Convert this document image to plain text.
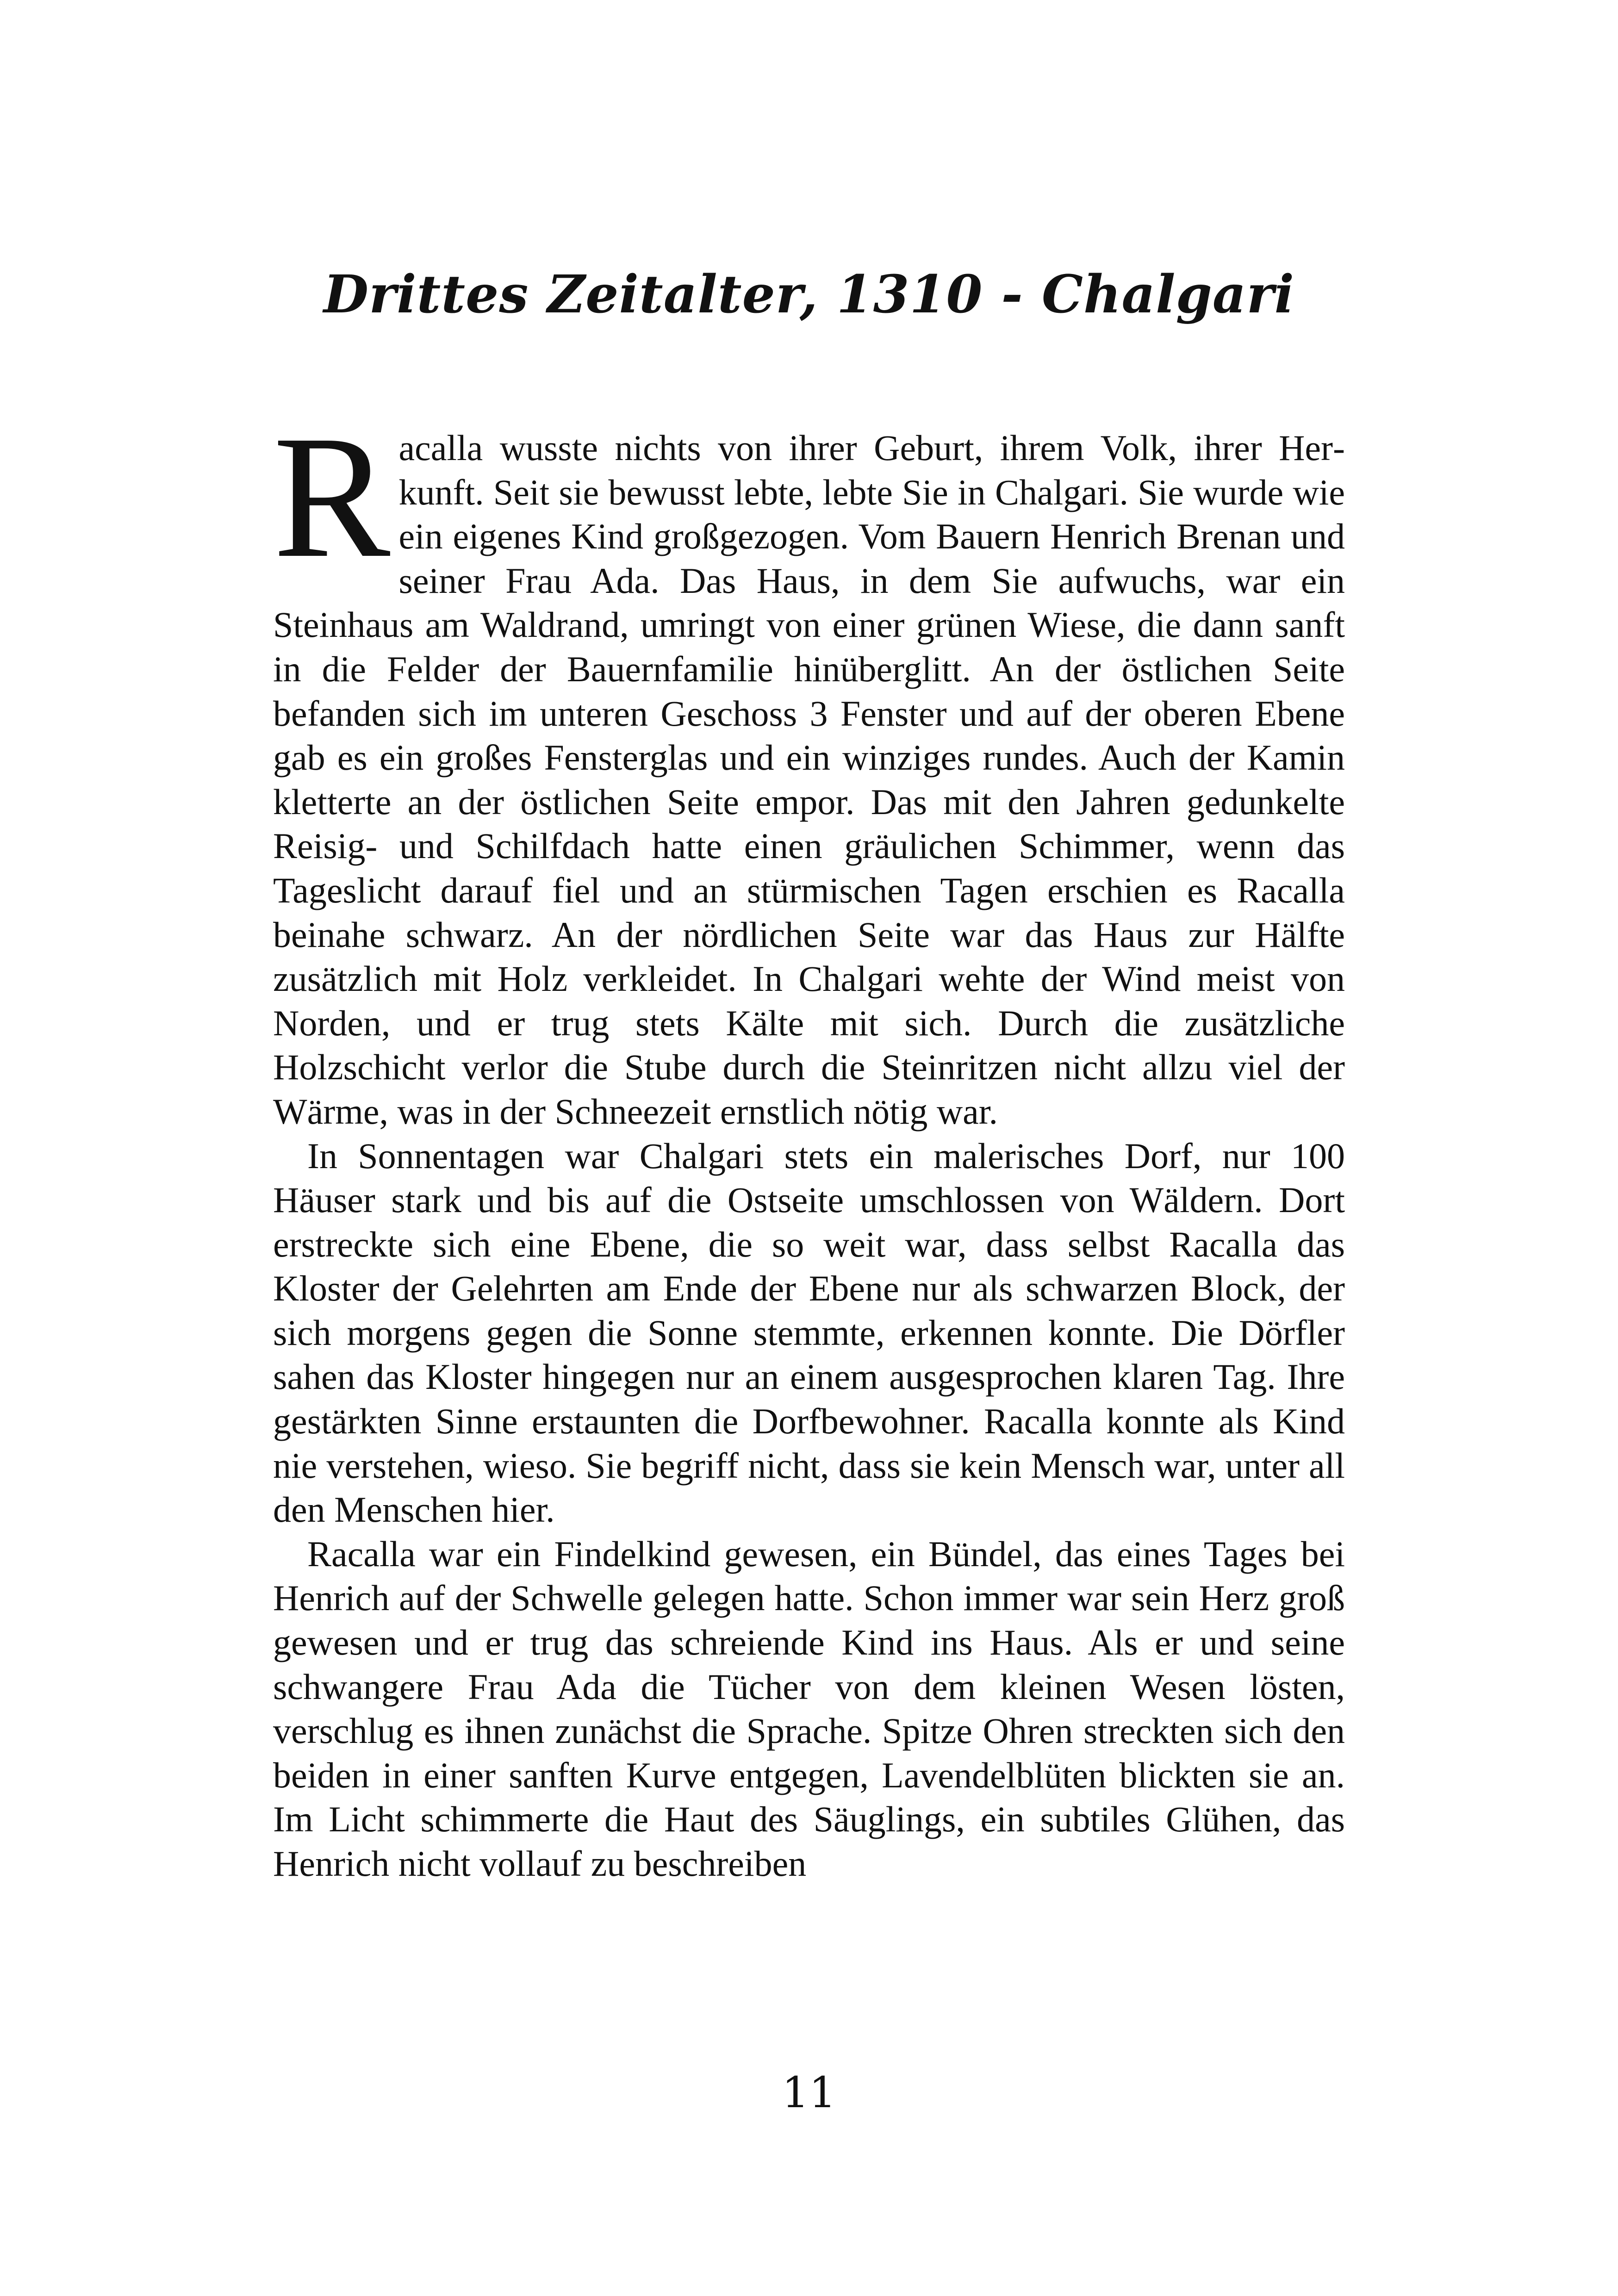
Drittes Zeitalter, 1310 - Chalgari

Racalla wusste nichts von ihrer Geburt, ihrem Volk, ihrer Herkunft. Seit sie bewusst lebte, lebte Sie in Chalgari. Sie wurde wie ein eigenes Kind großgezogen. Vom Bauern Henrich Brenan und seiner Frau Ada. Das Haus, in dem Sie aufwuchs, war ein Steinhaus am Waldrand, umringt von einer grünen Wiese, die dann sanft in die Felder der Bauernfamilie hinüberglitt. An der östlichen Seite befanden sich im unteren Geschoss 3 Fenster und auf der oberen Ebene gab es ein großes Fensterglas und ein winziges rundes. Auch der Kamin kletterte an der östlichen Seite empor. Das mit den Jahren gedunkelte Reisig- und Schilfdach hatte einen gräulichen Schimmer, wenn das Tageslicht darauf fiel und an stürmischen Tagen erschien es Racalla beinahe schwarz. An der nördlichen Seite war das Haus zur Hälfte zusätzlich mit Holz verkleidet. In Chalgari wehte der Wind meist von Norden, und er trug stets Kälte mit sich. Durch die zusätzliche Holzschicht verlor die Stube durch die Steinritzen nicht allzu viel der Wärme, was in der Schneezeit ernstlich nötig war.

In Sonnentagen war Chalgari stets ein malerisches Dorf, nur 100 Häuser stark und bis auf die Ostseite umschlossen von Wäldern. Dort erstreckte sich eine Ebene, die so weit war, dass selbst Racalla das Kloster der Gelehrten am Ende der Ebene nur als schwarzen Block, der sich morgens gegen die Sonne stemmte, erkennen konnte. Die Dörfler sahen das Kloster hingegen nur an einem ausgesprochen klaren Tag. Ihre gestärkten Sinne erstaunten die Dorfbewohner. Racalla konnte als Kind nie verstehen, wieso. Sie begriff nicht, dass sie kein Mensch war, unter all den Menschen hier.

Racalla war ein Findelkind gewesen, ein Bündel, das eines Tages bei Henrich auf der Schwelle gelegen hatte. Schon immer war sein Herz groß gewesen und er trug das schreiende Kind ins Haus. Als er und seine schwangere Frau Ada die Tücher von dem kleinen Wesen lösten, verschlug es ihnen zunächst die Sprache. Spitze Ohren streckten sich den beiden in einer sanften Kurve entgegen, Lavendelblüten blickten sie an. Im Licht schimmerte die Haut des Säuglings, ein subtiles Glühen, das Henrich nicht vollauf zu beschreiben

11
